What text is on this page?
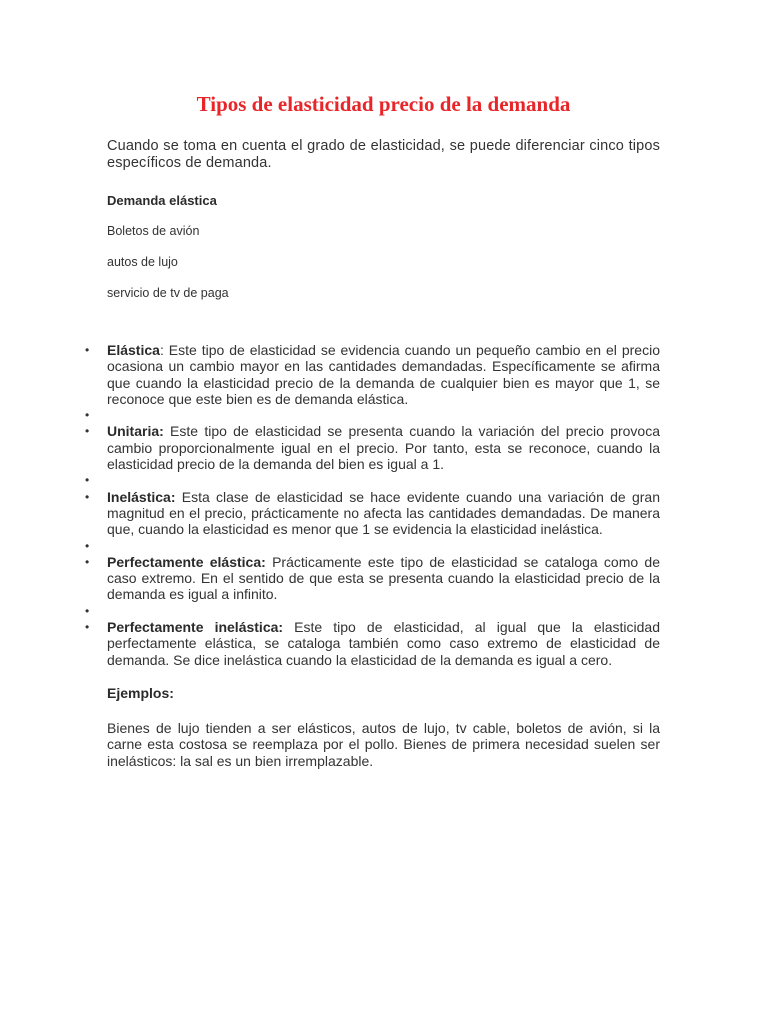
Tipos de elasticidad precio de la demanda

Cuando se toma en cuenta el grado de elasticidad, se puede diferenciar cinco tipos específicos de demanda.

Demanda elástica

Boletos de avión

autos de lujo

servicio de tv de paga

• Elástica: Este tipo de elasticidad se evidencia cuando un pequeño cambio en el precio ocasiona un cambio mayor en las cantidades demandadas. Específicamente se afirma que cuando la elasticidad precio de la demanda de cualquier bien es mayor que 1, se reconoce que este bien es de demanda elástica.
•
• Unitaria: Este tipo de elasticidad se presenta cuando la variación del precio provoca cambio proporcionalmente igual en el precio. Por tanto, esta se reconoce, cuando la elasticidad precio de la demanda del bien es igual a 1.
•
• Inelástica: Esta clase de elasticidad se hace evidente cuando una variación de gran magnitud en el precio, prácticamente no afecta las cantidades demandadas. De manera que, cuando la elasticidad es menor que 1 se evidencia la elasticidad inelástica.
•
• Perfectamente elástica: Prácticamente este tipo de elasticidad se cataloga como de caso extremo. En el sentido de que esta se presenta cuando la elasticidad precio de la demanda es igual a infinito.
•
• Perfectamente inelástica: Este tipo de elasticidad, al igual que la elasticidad perfectamente elástica, se cataloga también como caso extremo de elasticidad de demanda. Se dice inelástica cuando la elasticidad de la demanda es igual a cero.

Ejemplos:

Bienes de lujo tienden a ser elásticos, autos de lujo, tv cable, boletos de avión, si la carne esta costosa se reemplaza por el pollo. Bienes de primera necesidad suelen ser inelásticos: la sal es un bien irremplazable.
